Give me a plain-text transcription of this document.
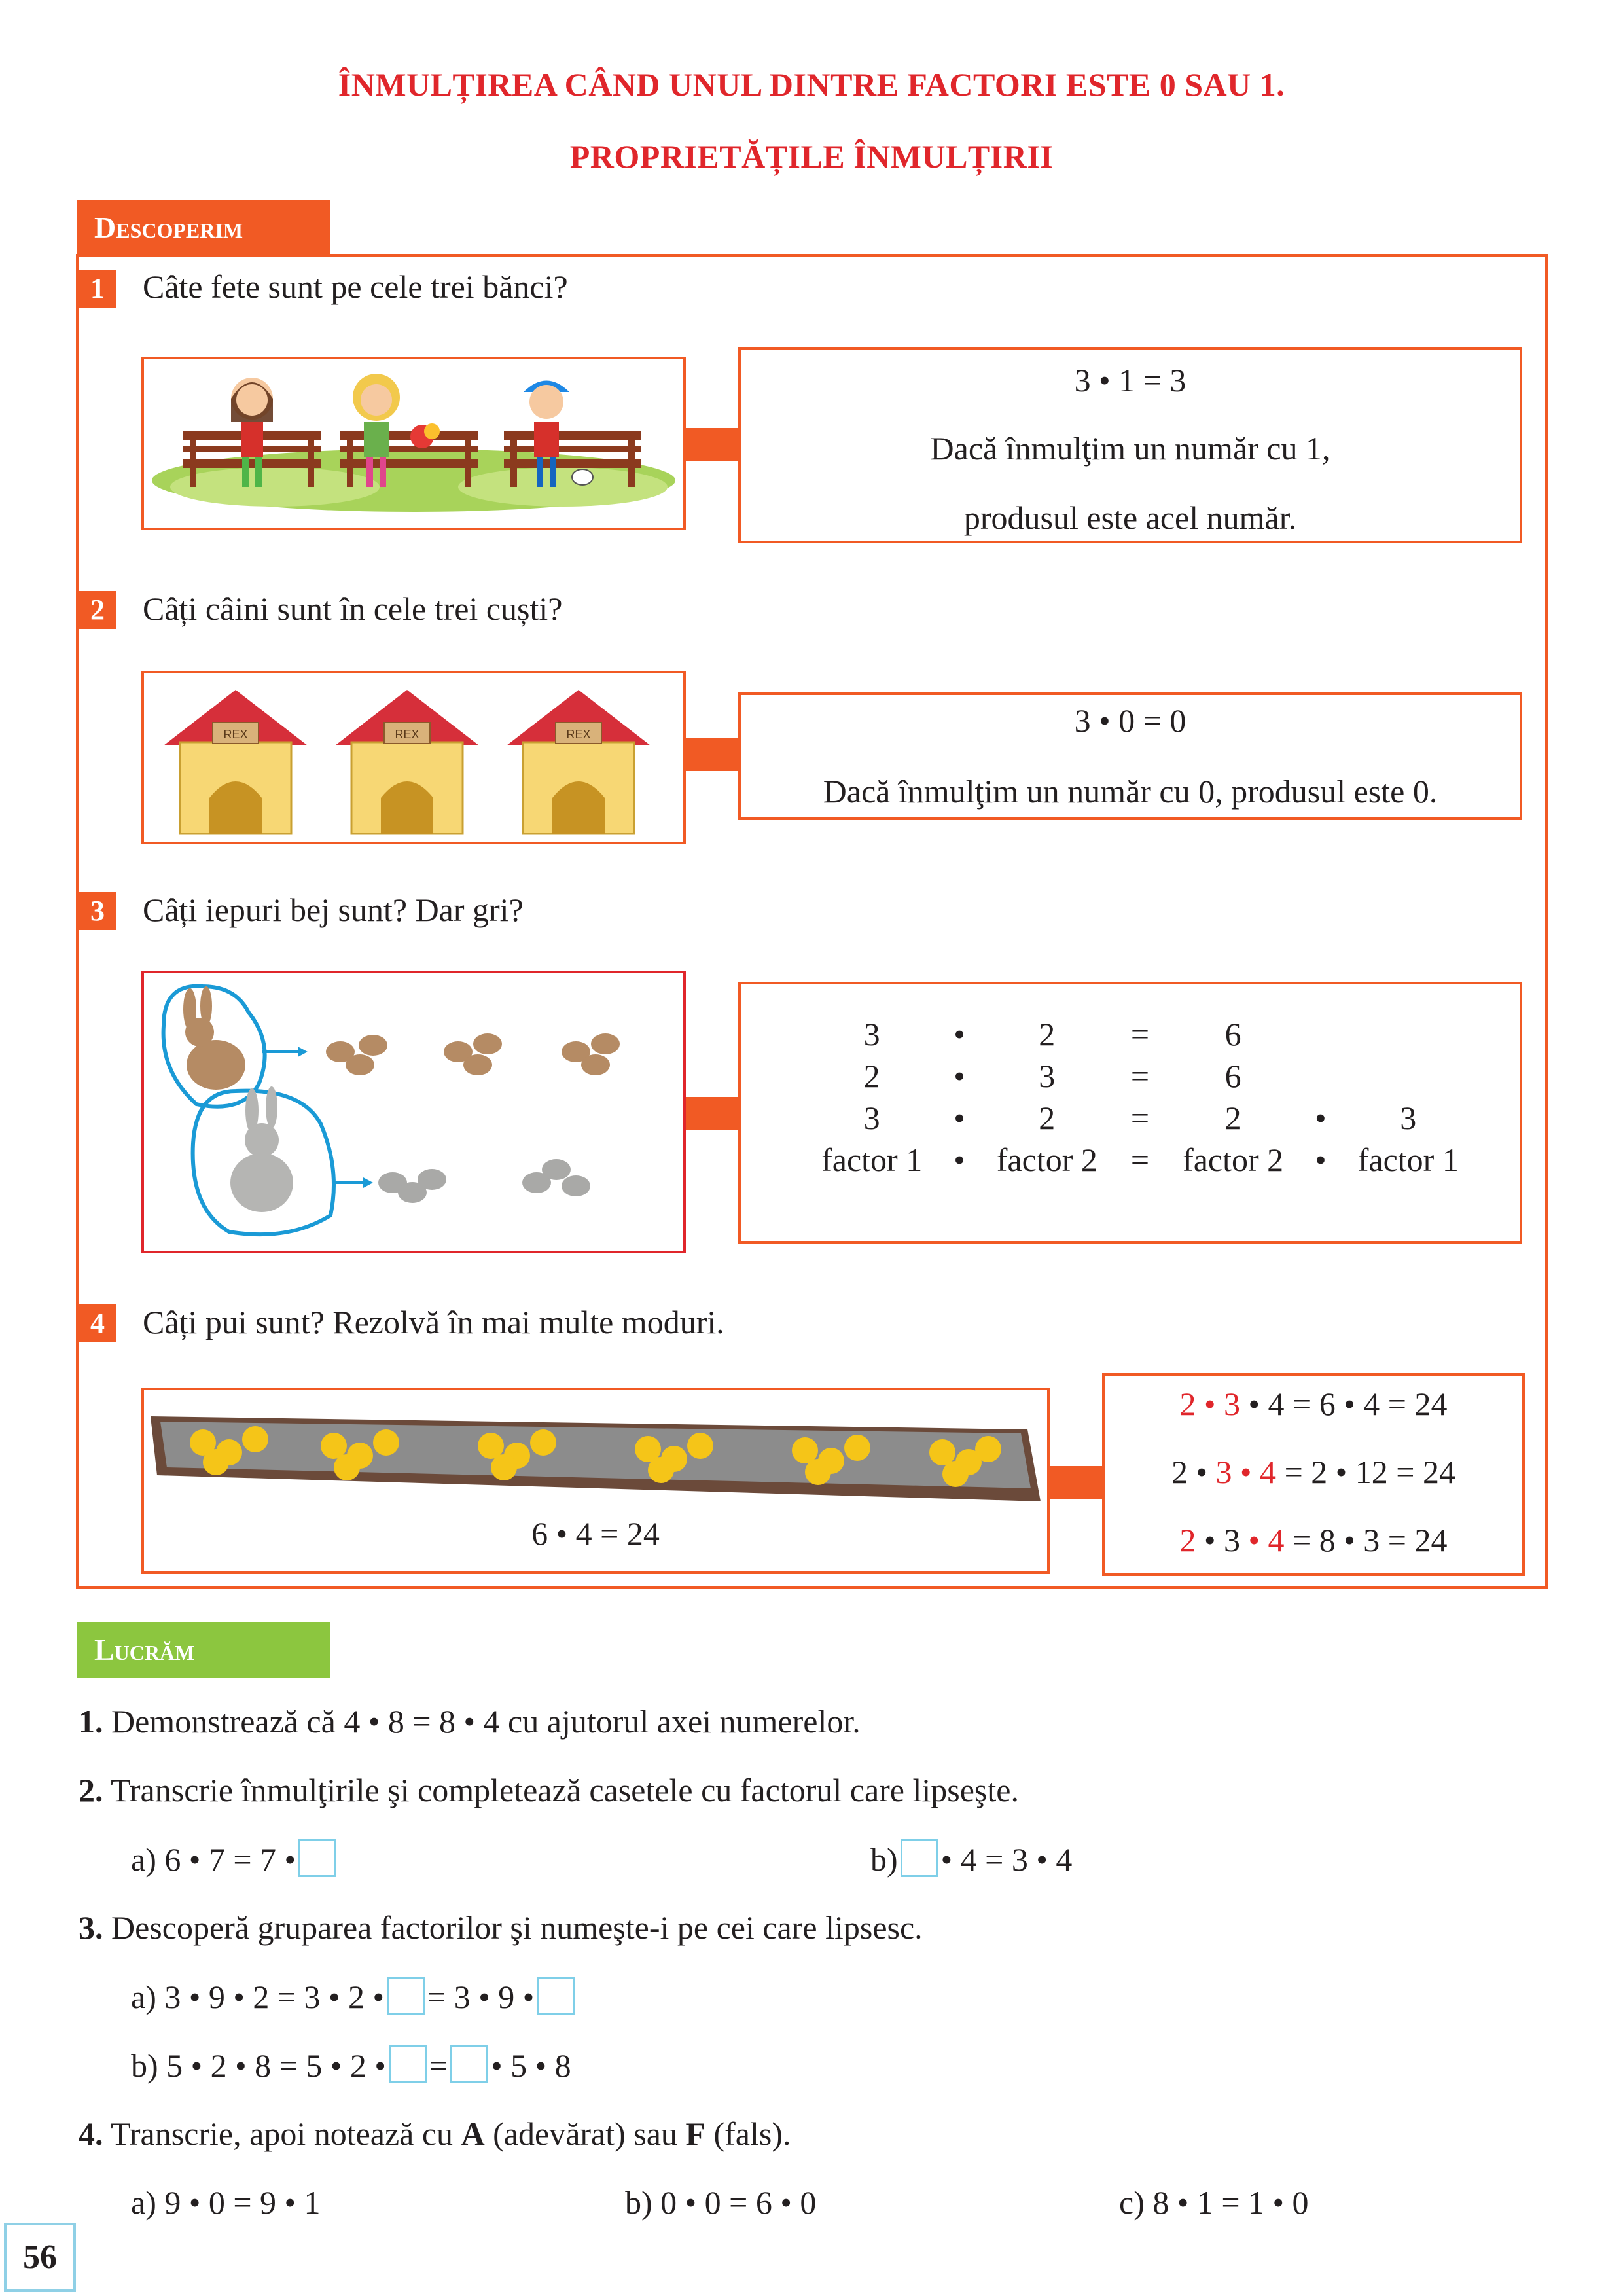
ÎNMULȚIREA CÂND UNUL DINTRE FACTORI ESTE 0 SAU 1.
PROPRIETĂȚILE ÎNMULȚIRII
Descoperim
1	Câte fete sunt pe cele trei bănci?
3 • 1 = 3
Dacă înmulţim un număr cu 1,
produsul este acel număr.
2	Câți câini sunt în cele trei cuști?
REX	REX	REX	3 • 0 = 0
Dacă înmulţim un număr cu 0, produsul este 0.
3	Câți iepuri bej sunt? Dar gri?
3	•	2	=	6		
2	•	3	=	6		
3	•	2	=	2	•	3
factor 1	•	factor 2	=	factor 2	•	factor 1
4	Câți pui sunt? Rezolvă în mai multe moduri.
6 • 4 = 24
2 • 3 • 4 = 6 • 4 = 24
2 • 3 • 4 = 2 • 12 = 24
2 • 3 • 4 = 8 • 3 = 24
Lucrăm
1. Demonstrează că 4 • 8 = 8 • 4 cu ajutorul axei numerelor.
2. Transcrie înmulţirile şi completează casetele cu factorul care lipseşte.
a) 6 • 7 = 7 •	b) • 4 = 3 • 4
3. Descoperă gruparea factorilor şi numeşte-i pe cei care lipsesc.
a) 3 • 9 • 2 = 3 • 2 • = 3 • 9 •
b) 5 • 2 • 8 = 5 • 2 • = • 5 • 8
4. Transcrie, apoi notează cu A (adevărat) sau F (fals).
a) 9 • 0 = 9 • 1	b) 0 • 0 = 6 • 0	c) 8 • 1 = 1 • 0
56
